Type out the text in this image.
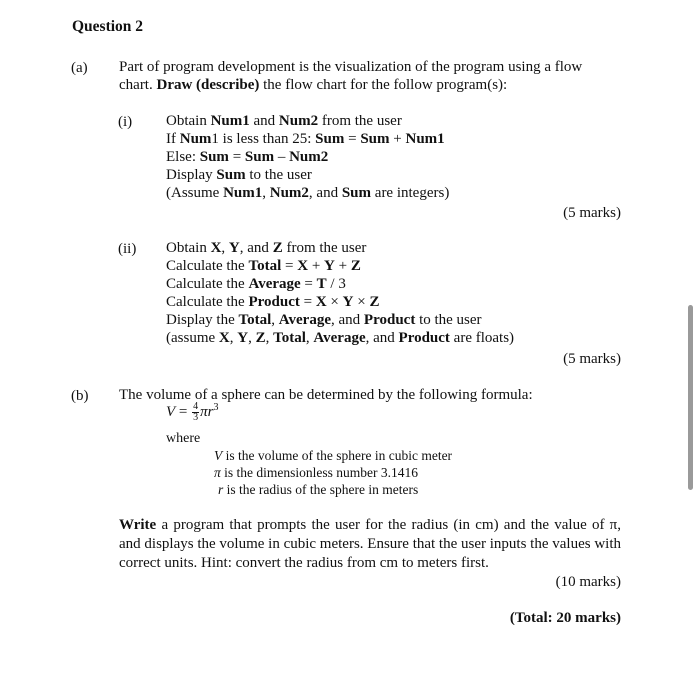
Question 2
(a) Part of program development is the visualization of the program using a flow
chart. Draw (describe) the flow chart for the follow program(s):
(i) Obtain Num1 and Num2 from the user
If Num1 is less than 25: Sum = Sum + Num1
Else: Sum = Sum – Num2
Display Sum to the user
(Assume Num1, Num2, and Sum are integers)
(5 marks)
(ii) Obtain X, Y, and Z from the user
Calculate the Total = X + Y + Z
Calculate the Average = T / 3
Calculate the Product = X × Y × Z
Display the Total, Average, and Product to the user
(assume X, Y, Z, Total, Average, and Product are floats)
(5 marks)
(b) The volume of a sphere can be determined by the following formula:
$V = \frac{4}{3} \pi r^3$
where
V is the volume of the sphere in cubic meter
π is the dimensionless number 3.1416
r is the radius of the sphere in meters
Write a program that prompts the user for the radius (in cm) and the value of π, and displays the volume in cubic meters. Ensure that the user inputs the values with correct units. Hint: convert the radius from cm to meters first.
(10 marks)
(Total: 20 marks)
